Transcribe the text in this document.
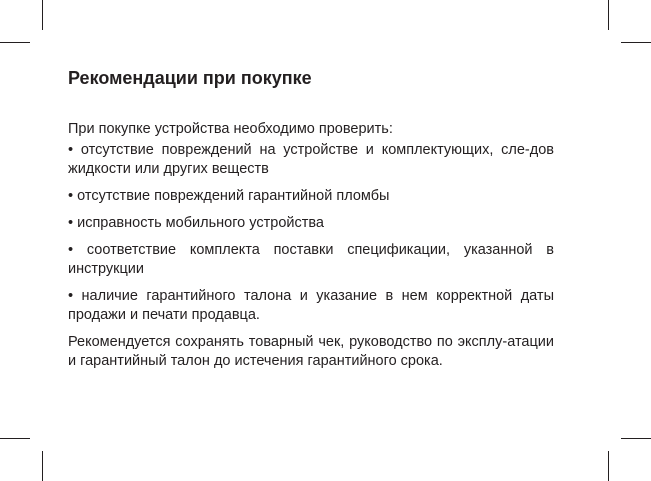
Рекомендации при покупке

При покупке устройства необходимо проверить:

• отсутствие повреждений на устройстве и комплектующих, сле-дов жидкости или других веществ

• отсутствие повреждений гарантийной пломбы

• исправность мобильного устройства

• соответствие комплекта поставки спецификации, указанной в инструкции

• наличие гарантийного талона и указание в нем корректной даты продажи и печати продавца.

Рекомендуется сохранять товарный чек, руководство по эксплу-атации и гарантийный талон до истечения гарантийного срока.
